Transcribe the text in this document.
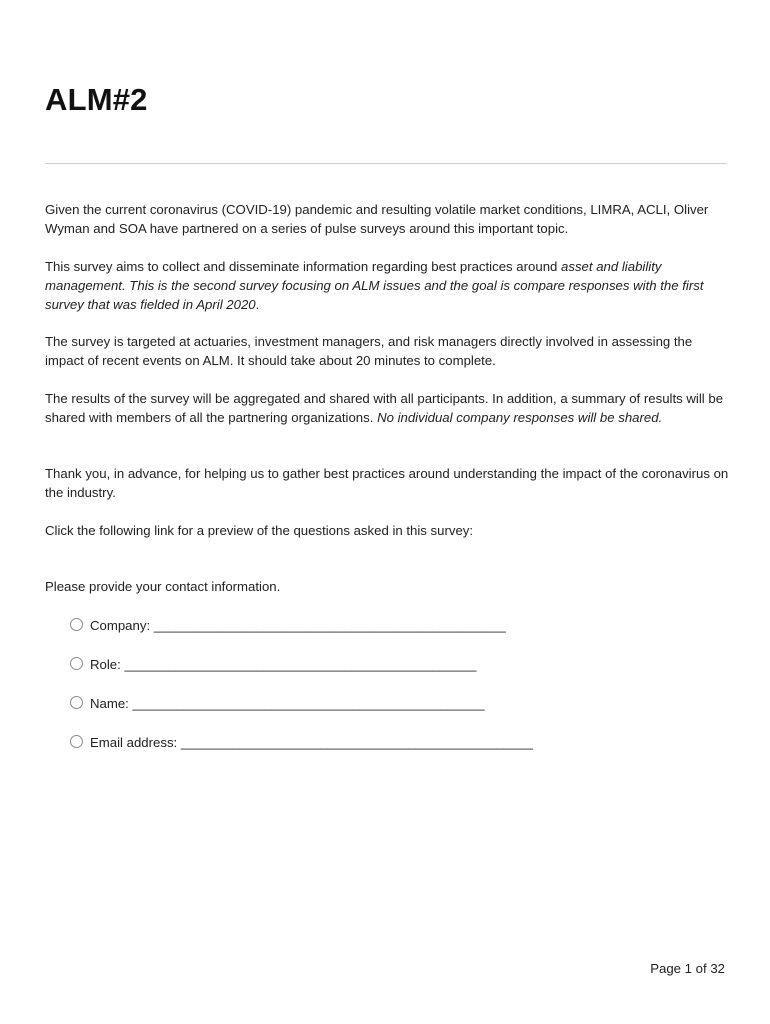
ALM#2

Given the current coronavirus (COVID-19) pandemic and resulting volatile market conditions, LIMRA, ACLI, Oliver Wyman and SOA have partnered on a series of pulse surveys around this important topic.

This survey aims to collect and disseminate information regarding best practices around asset and liability management. This is the second survey focusing on ALM issues and the goal is compare responses with the first survey that was fielded in April 2020.

The survey is targeted at actuaries, investment managers, and risk managers directly involved in assessing the impact of recent events on ALM. It should take about 20 minutes to complete.

The results of the survey will be aggregated and shared with all participants. In addition, a summary of results will be shared with members of all the partnering organizations. No individual company responses will be shared.

Thank you, in advance, for helping us to gather best practices around understanding the impact of the coronavirus on the industry.

Click the following link for a preview of the questions asked in this survey:

Please provide your contact information.

Company: ________________________________________________
Role: ________________________________________________
Name: ________________________________________________
Email address: ________________________________________________
Page 1 of 32
